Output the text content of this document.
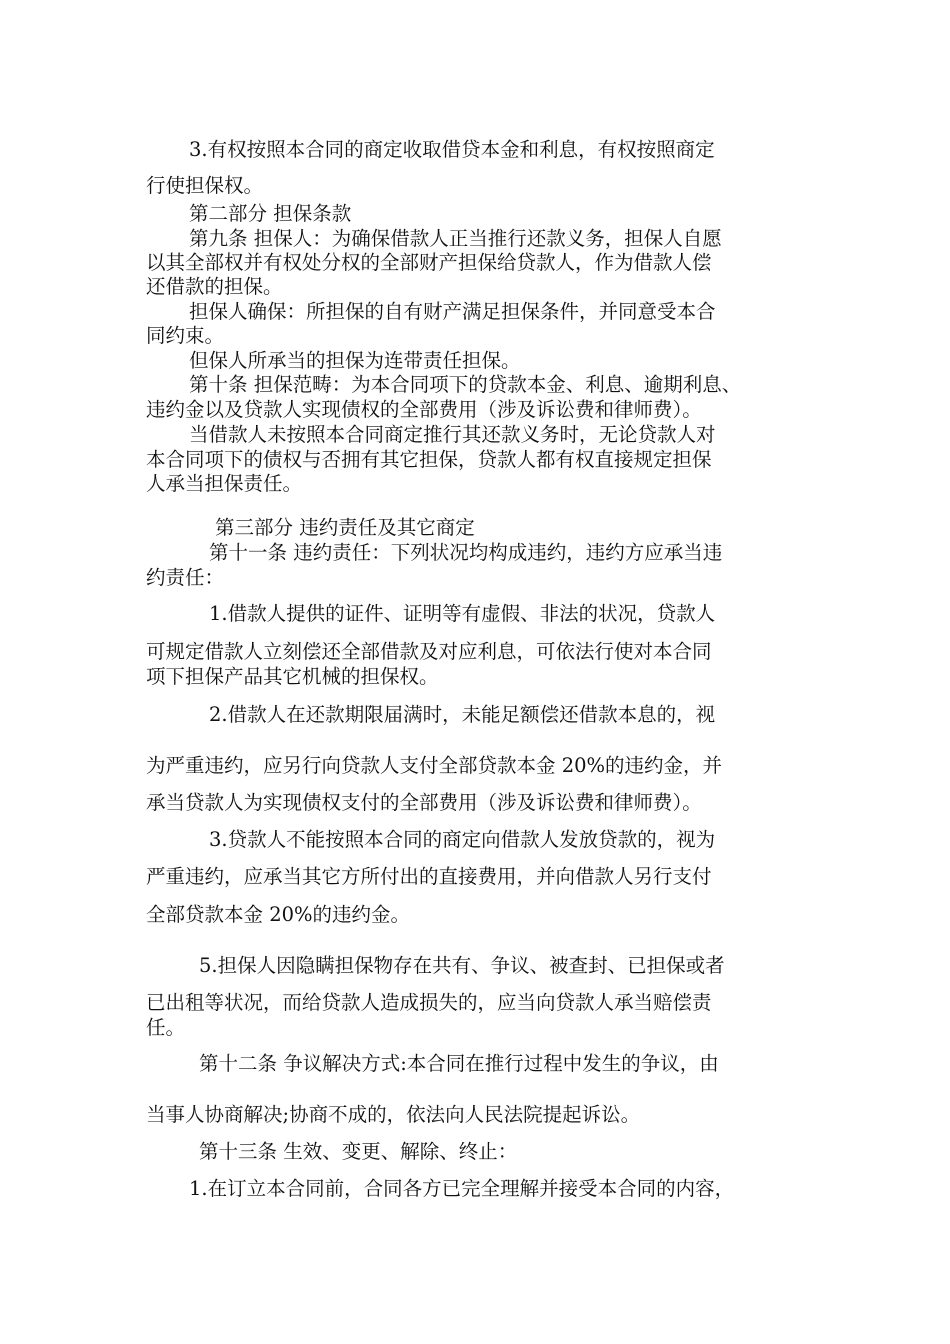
3.有权按照本合同的商定收取借贷本金和利息，有权按照商定
行使担保权。
第二部分 担保条款
第九条 担保人：为确保借款人正当推行还款义务，担保人自愿
以其全部权并有权处分权的全部财产担保给贷款人，作为借款人偿
还借款的担保。
担保人确保：所担保的自有财产满足担保条件，并同意受本合
同约束。
但保人所承当的担保为连带责任担保。
第十条 担保范畴：为本合同项下的贷款本金、利息、逾期利息、
违约金以及贷款人实现债权的全部费用（涉及诉讼费和律师费）。
当借款人未按照本合同商定推行其还款义务时，无论贷款人对
本合同项下的债权与否拥有其它担保，贷款人都有权直接规定担保
人承当担保责任。
第三部分 违约责任及其它商定
第十一条 违约责任：下列状况均构成违约，违约方应承当违
约责任：
1.借款人提供的证件、证明等有虚假、非法的状况，贷款人
可规定借款人立刻偿还全部借款及对应利息，可依法行使对本合同
项下担保产品其它机械的担保权。
2.借款人在还款期限届满时，未能足额偿还借款本息的，视
为严重违约，应另行向贷款人支付全部贷款本金 20%的违约金，并
承当贷款人为实现债权支付的全部费用（涉及诉讼费和律师费）。
3.贷款人不能按照本合同的商定向借款人发放贷款的，视为
严重违约，应承当其它方所付出的直接费用，并向借款人另行支付
全部贷款本金 20%的违约金。
5.担保人因隐瞒担保物存在共有、争议、被查封、已担保或者
已出租等状况，而给贷款人造成损失的，应当向贷款人承当赔偿责
任。
第十二条 争议解决方式:本合同在推行过程中发生的争议，由
当事人协商解决;协商不成的，依法向人民法院提起诉讼。
第十三条 生效、变更、解除、终止：
1.在订立本合同前，合同各方已完全理解并接受本合同的内容，
